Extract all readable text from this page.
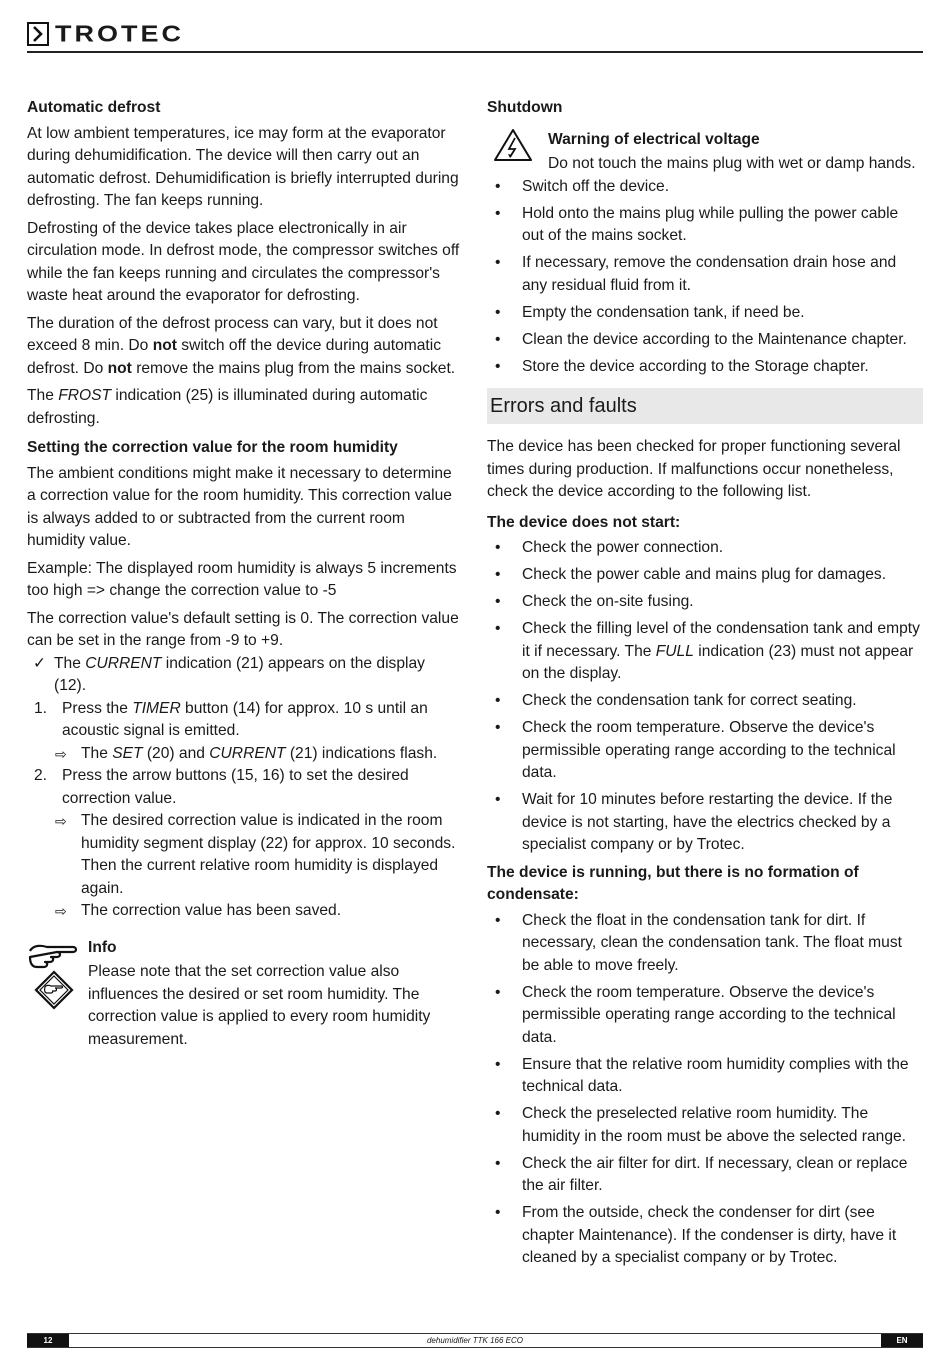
TROTEC
Automatic defrost

At low ambient temperatures, ice may form at the evaporator during dehumidification. The device will then carry out an automatic defrost. Dehumidification is briefly interrupted during defrosting. The fan keeps running.

Defrosting of the device takes place electronically in air circulation mode. In defrost mode, the compressor switches off while the fan keeps running and circulates the compressor's waste heat around the evaporator for defrosting.

The duration of the defrost process can vary, but it does not exceed 8 min. Do not switch off the device during automatic defrost. Do not remove the mains plug from the mains socket.

The FROST indication (25) is illuminated during automatic defrosting.

Setting the correction value for the room humidity

The ambient conditions might make it necessary to determine a correction value for the room humidity. This correction value is always added to or subtracted from the current room humidity value.

Example: The displayed room humidity is always 5 increments too high => change the correction value to -5

The correction value's default setting is 0. The correction value can be set in the range from -9 to +9.

✓ The CURRENT indication (21) appears on the display (12).
1. Press the TIMER button (14) for approx. 10 s until an acoustic signal is emitted.
⇨ The SET (20) and CURRENT (21) indications flash.
2. Press the arrow buttons (15, 16) to set the desired correction value.
⇨ The desired correction value is indicated in the room humidity segment display (22) for approx. 10 seconds. Then the current relative room humidity is displayed again.
⇨ The correction value has been saved.
Info

Please note that the set correction value also influences the desired or set room humidity. The correction value is applied to every room humidity measurement.

Shutdown
Warning of electrical voltage
Do not touch the mains plug with wet or damp hands.
• Switch off the device.
• Hold onto the mains plug while pulling the power cable out of the mains socket.
• If necessary, remove the condensation drain hose and any residual fluid from it.
• Empty the condensation tank, if need be.
• Clean the device according to the Maintenance chapter.
• Store the device according to the Storage chapter.
Errors and faults

The device has been checked for proper functioning several times during production. If malfunctions occur nonetheless, check the device according to the following list.

The device does not start:
• Check the power connection.
• Check the power cable and mains plug for damages.
• Check the on-site fusing.
• Check the filling level of the condensation tank and empty it if necessary. The FULL indication (23) must not appear on the display.
• Check the condensation tank for correct seating.
• Check the room temperature. Observe the device's permissible operating range according to the technical data.
• Wait for 10 minutes before restarting the device. If the device is not starting, have the electrics checked by a specialist company or by Trotec.
The device is running, but there is no formation of condensate:
• Check the float in the condensation tank for dirt. If necessary, clean the condensation tank. The float must be able to move freely.
• Check the room temperature. Observe the device's permissible operating range according to the technical data.
• Ensure that the relative room humidity complies with the technical data.
• Check the preselected relative room humidity. The humidity in the room must be above the selected range.
• Check the air filter for dirt. If necessary, clean or replace the air filter.
• From the outside, check the condenser for dirt (see chapter Maintenance). If the condenser is dirty, have it cleaned by a specialist company or by Trotec.
dehumidifier TTK 166 ECO
12	EN
